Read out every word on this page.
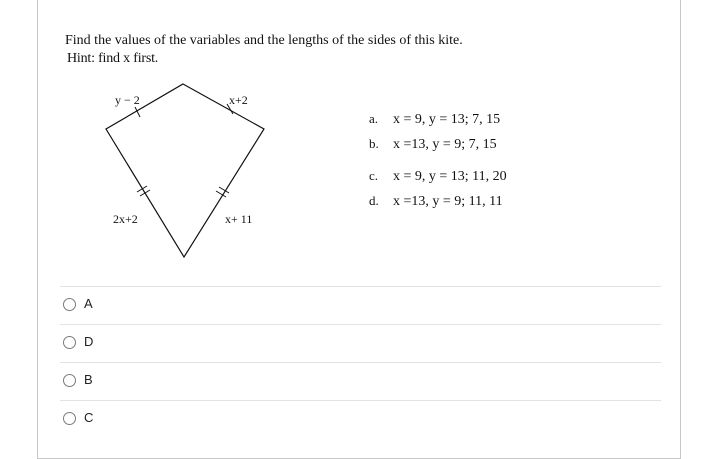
Find the values of the variables and the lengths of the sides of this kite.
Hint: find x first.
y − 2	x+2
2x+2	x+ 11
a. x = 9, y = 13; 7, 15
b. x =13, y = 9; 7, 15
c. x = 9, y = 13; 11, 20
d. x =13, y = 9; 11, 11
A
D
B
C
